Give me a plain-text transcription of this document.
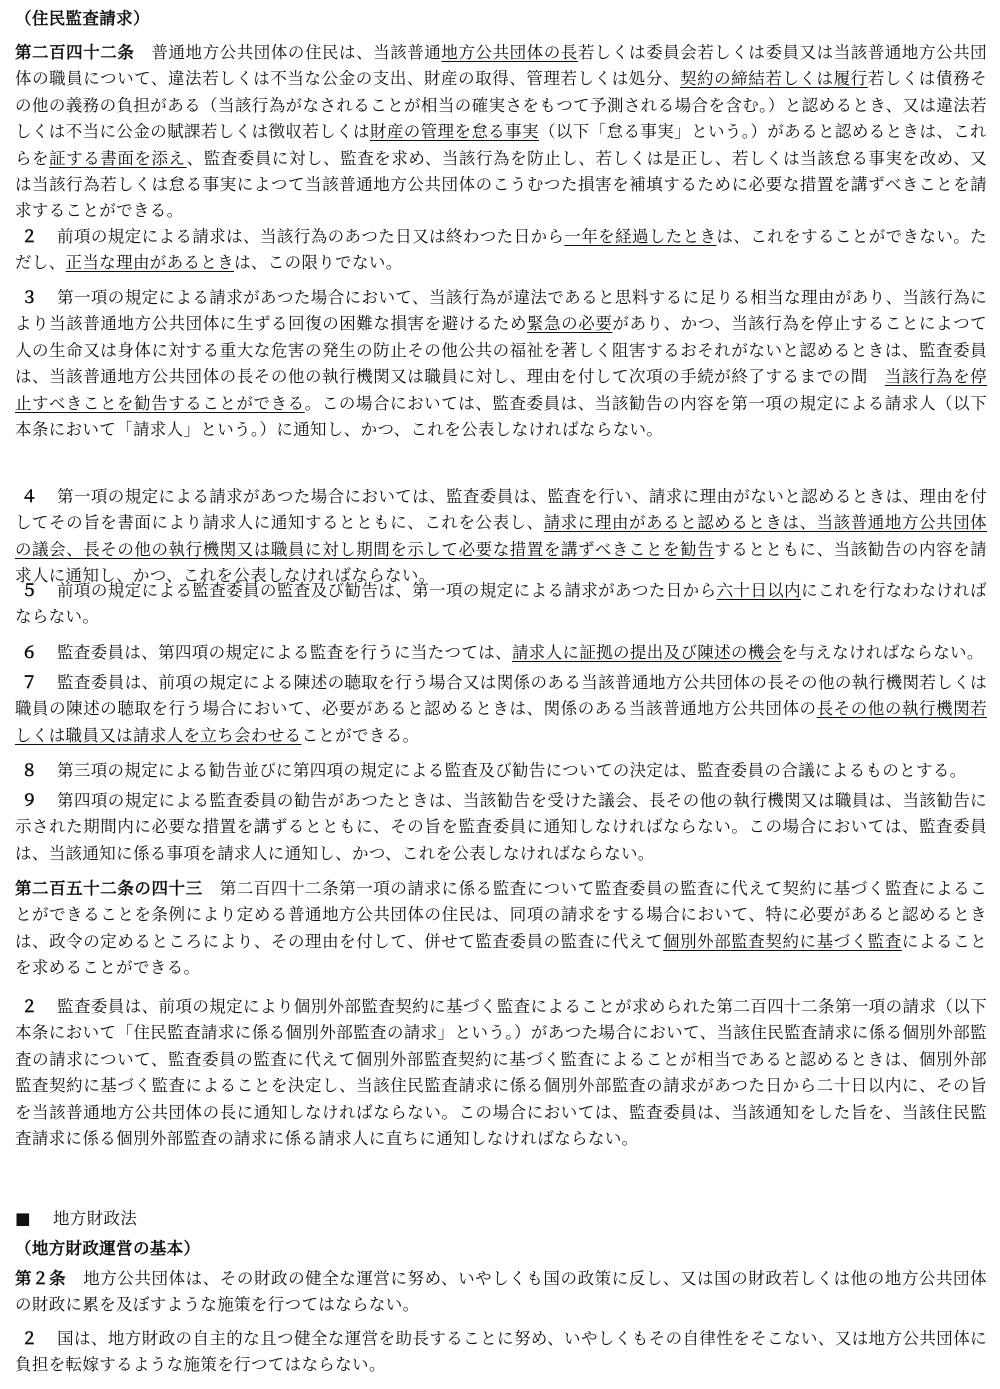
（住民監査請求）
第二百四十二条　普通地方公共団体の住民は、当該普通地方公共団体の長若しくは委員会若しくは委員又は当該普通地方公共団体の職員について、違法若しくは不当な公金の支出、財産の取得、管理若しくは処分、契約の締結若しくは履行若しくは債務その他の義務の負担がある（当該行為がなされることが相当の確実さをもつて予測される場合を含む。）と認めるとき、又は違法若しくは不当に公金の賦課若しくは徴収若しくは財産の管理を怠る事実（以下「怠る事実」という。）があると認めるときは、これらを証する書面を添え、監査委員に対し、監査を求め、当該行為を防止し、若しくは是正し、若しくは当該怠る事実を改め、又は当該行為若しくは怠る事実によつて当該普通地方公共団体のこうむつた損害を補填するために必要な措置を講ずべきことを請求することができる。
２ 前項の規定による請求は、当該行為のあつた日又は終わつた日から一年を経過したときは、これをすることができない。ただし、正当な理由があるときは、この限りでない。
３ 第一項の規定による請求があつた場合において、当該行為が違法であると思料するに足りる相当な理由があり、当該行為により当該普通地方公共団体に生ずる回復の困難な損害を避けるため緊急の必要があり、かつ、当該行為を停止することによつて人の生命又は身体に対する重大な危害の発生の防止その他公共の福祉を著しく阻害するおそれがないと認めるときは、監査委員は、当該普通地方公共団体の長その他の執行機関又は職員に対し、理由を付して次項の手続が終了するまでの間　当該行為を停止すべきことを勧告することができる。この場合においては、監査委員は、当該勧告の内容を第一項の規定による請求人（以下本条において「請求人」という。）に通知し、かつ、これを公表しなければならない。
４ 第一項の規定による請求があつた場合においては、監査委員は、監査を行い、請求に理由がないと認めるときは、理由を付してその旨を書面により請求人に通知するとともに、これを公表し、請求に理由があると認めるときは、当該普通地方公共団体の議会、長その他の執行機関又は職員に対し期間を示して必要な措置を講ずべきことを勧告するとともに、当該勧告の内容を請求人に通知し、かつ、これを公表しなければならない。
５ 前項の規定による監査委員の監査及び勧告は、第一項の規定による請求があつた日から六十日以内にこれを行なわなければならない。
６ 監査委員は、第四項の規定による監査を行うに当たつては、請求人に証拠の提出及び陳述の機会を与えなければならない。
７ 監査委員は、前項の規定による陳述の聴取を行う場合又は関係のある当該普通地方公共団体の長その他の執行機関若しくは職員の陳述の聴取を行う場合において、必要があると認めるときは、関係のある当該普通地方公共団体の長その他の執行機関若しくは職員又は請求人を立ち会わせることができる。
８ 第三項の規定による勧告並びに第四項の規定による監査及び勧告についての決定は、監査委員の合議によるものとする。
９ 第四項の規定による監査委員の勧告があつたときは、当該勧告を受けた議会、長その他の執行機関又は職員は、当該勧告に示された期間内に必要な措置を講ずるとともに、その旨を監査委員に通知しなければならない。この場合においては、監査委員は、当該通知に係る事項を請求人に通知し、かつ、これを公表しなければならない。
第二百五十二条の四十三　第二百四十二条第一項の請求に係る監査について監査委員の監査に代えて契約に基づく監査によることができることを条例により定める普通地方公共団体の住民は、同項の請求をする場合において、特に必要があると認めるときは、政令の定めるところにより、その理由を付して、併せて監査委員の監査に代えて個別外部監査契約に基づく監査によることを求めることができる。
２ 監査委員は、前項の規定により個別外部監査契約に基づく監査によることが求められた第二百四十二条第一項の請求（以下本条において「住民監査請求に係る個別外部監査の請求」という。）があつた場合において、当該住民監査請求に係る個別外部監査の請求について、監査委員の監査に代えて個別外部監査契約に基づく監査によることが相当であると認めるときは、個別外部監査契約に基づく監査によることを決定し、当該住民監査請求に係る個別外部監査の請求があつた日から二十日以内に、その旨を当該普通地方公共団体の長に通知しなければならない。この場合においては、監査委員は、当該通知をした旨を、当該住民監査請求に係る個別外部監査の請求に係る請求人に直ちに通知しなければならない。
■ 地方財政法
（地方財政運営の基本）
第２条　地方公共団体は、その財政の健全な運営に努め、いやしくも国の政策に反し、又は国の財政若しくは他の地方公共団体の財政に累を及ぼすような施策を行つてはならない。
２ 国は、地方財政の自主的な且つ健全な運営を助長することに努め、いやしくもその自律性をそこない、又は地方公共団体に負担を転嫁するような施策を行つてはならない。
